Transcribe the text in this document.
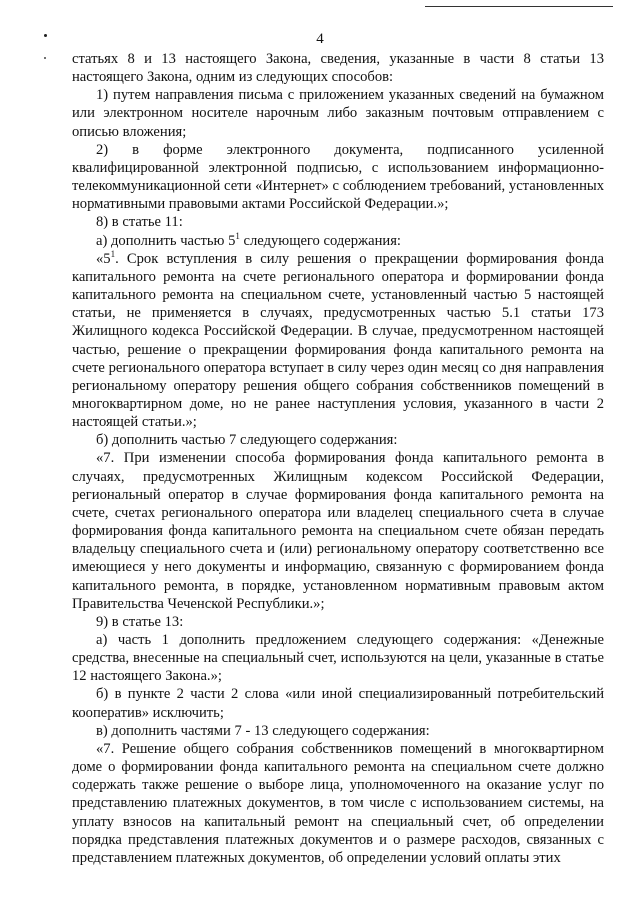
4

статьях 8 и 13 настоящего Закона, сведения, указанные в части 8 статьи 13 настоящего Закона, одним из следующих способов:

1) путем направления письма с приложением указанных сведений на бумажном или электронном носителе нарочным либо заказным почтовым отправлением с описью вложения;

2) в форме электронного документа, подписанного усиленной квалифицированной электронной подписью, с использованием информационно-телекоммуникационной сети «Интернет» с соблюдением требований, установленных нормативными правовыми актами Российской Федерации.»;

8) в статье 11:

а) дополнить частью $5^1$ следующего содержания:

«$5^1$. Срок вступления в силу решения о прекращении формирования фонда капитального ремонта на счете регионального оператора и формировании фонда капитального ремонта на специальном счете, установленный частью 5 настоящей статьи, не применяется в случаях, предусмотренных частью 5.1 статьи 173 Жилищного кодекса Российской Федерации. В случае, предусмотренном настоящей частью, решение о прекращении формирования фонда капитального ремонта на счете регионального оператора вступает в силу через один месяц со дня направления региональному оператору решения общего собрания собственников помещений в многоквартирном доме, но не ранее наступления условия, указанного в части 2 настоящей статьи.»;

б) дополнить частью 7 следующего содержания:

«7. При изменении способа формирования фонда капитального ремонта в случаях, предусмотренных Жилищным кодексом Российской Федерации, региональный оператор в случае формирования фонда капитального ремонта на счете, счетах регионального оператора или владелец специального счета в случае формирования фонда капитального ремонта на специальном счете обязан передать владельцу специального счета и (или) региональному оператору соответственно все имеющиеся у него документы и информацию, связанную с формированием фонда капитального ремонта, в порядке, установленном нормативным правовым актом Правительства Чеченской Республики.»;

9) в статье 13:

а) часть 1 дополнить предложением следующего содержания: «Денежные средства, внесенные на специальный счет, используются на цели, указанные в статье 12 настоящего Закона.»;

б) в пункте 2 части 2 слова «или иной специализированный потребительский кооператив» исключить;

в) дополнить частями 7 - 13 следующего содержания:

«7. Решение общего собрания собственников помещений в многоквартирном доме о формировании фонда капитального ремонта на специальном счете должно содержать также решение о выборе лица, уполномоченного на оказание услуг по представлению платежных документов, в том числе с использованием системы, на уплату взносов на капитальный ремонт на специальный счет, об определении порядка представления платежных документов и о размере расходов, связанных с представлением платежных документов, об определении условий оплаты этих
